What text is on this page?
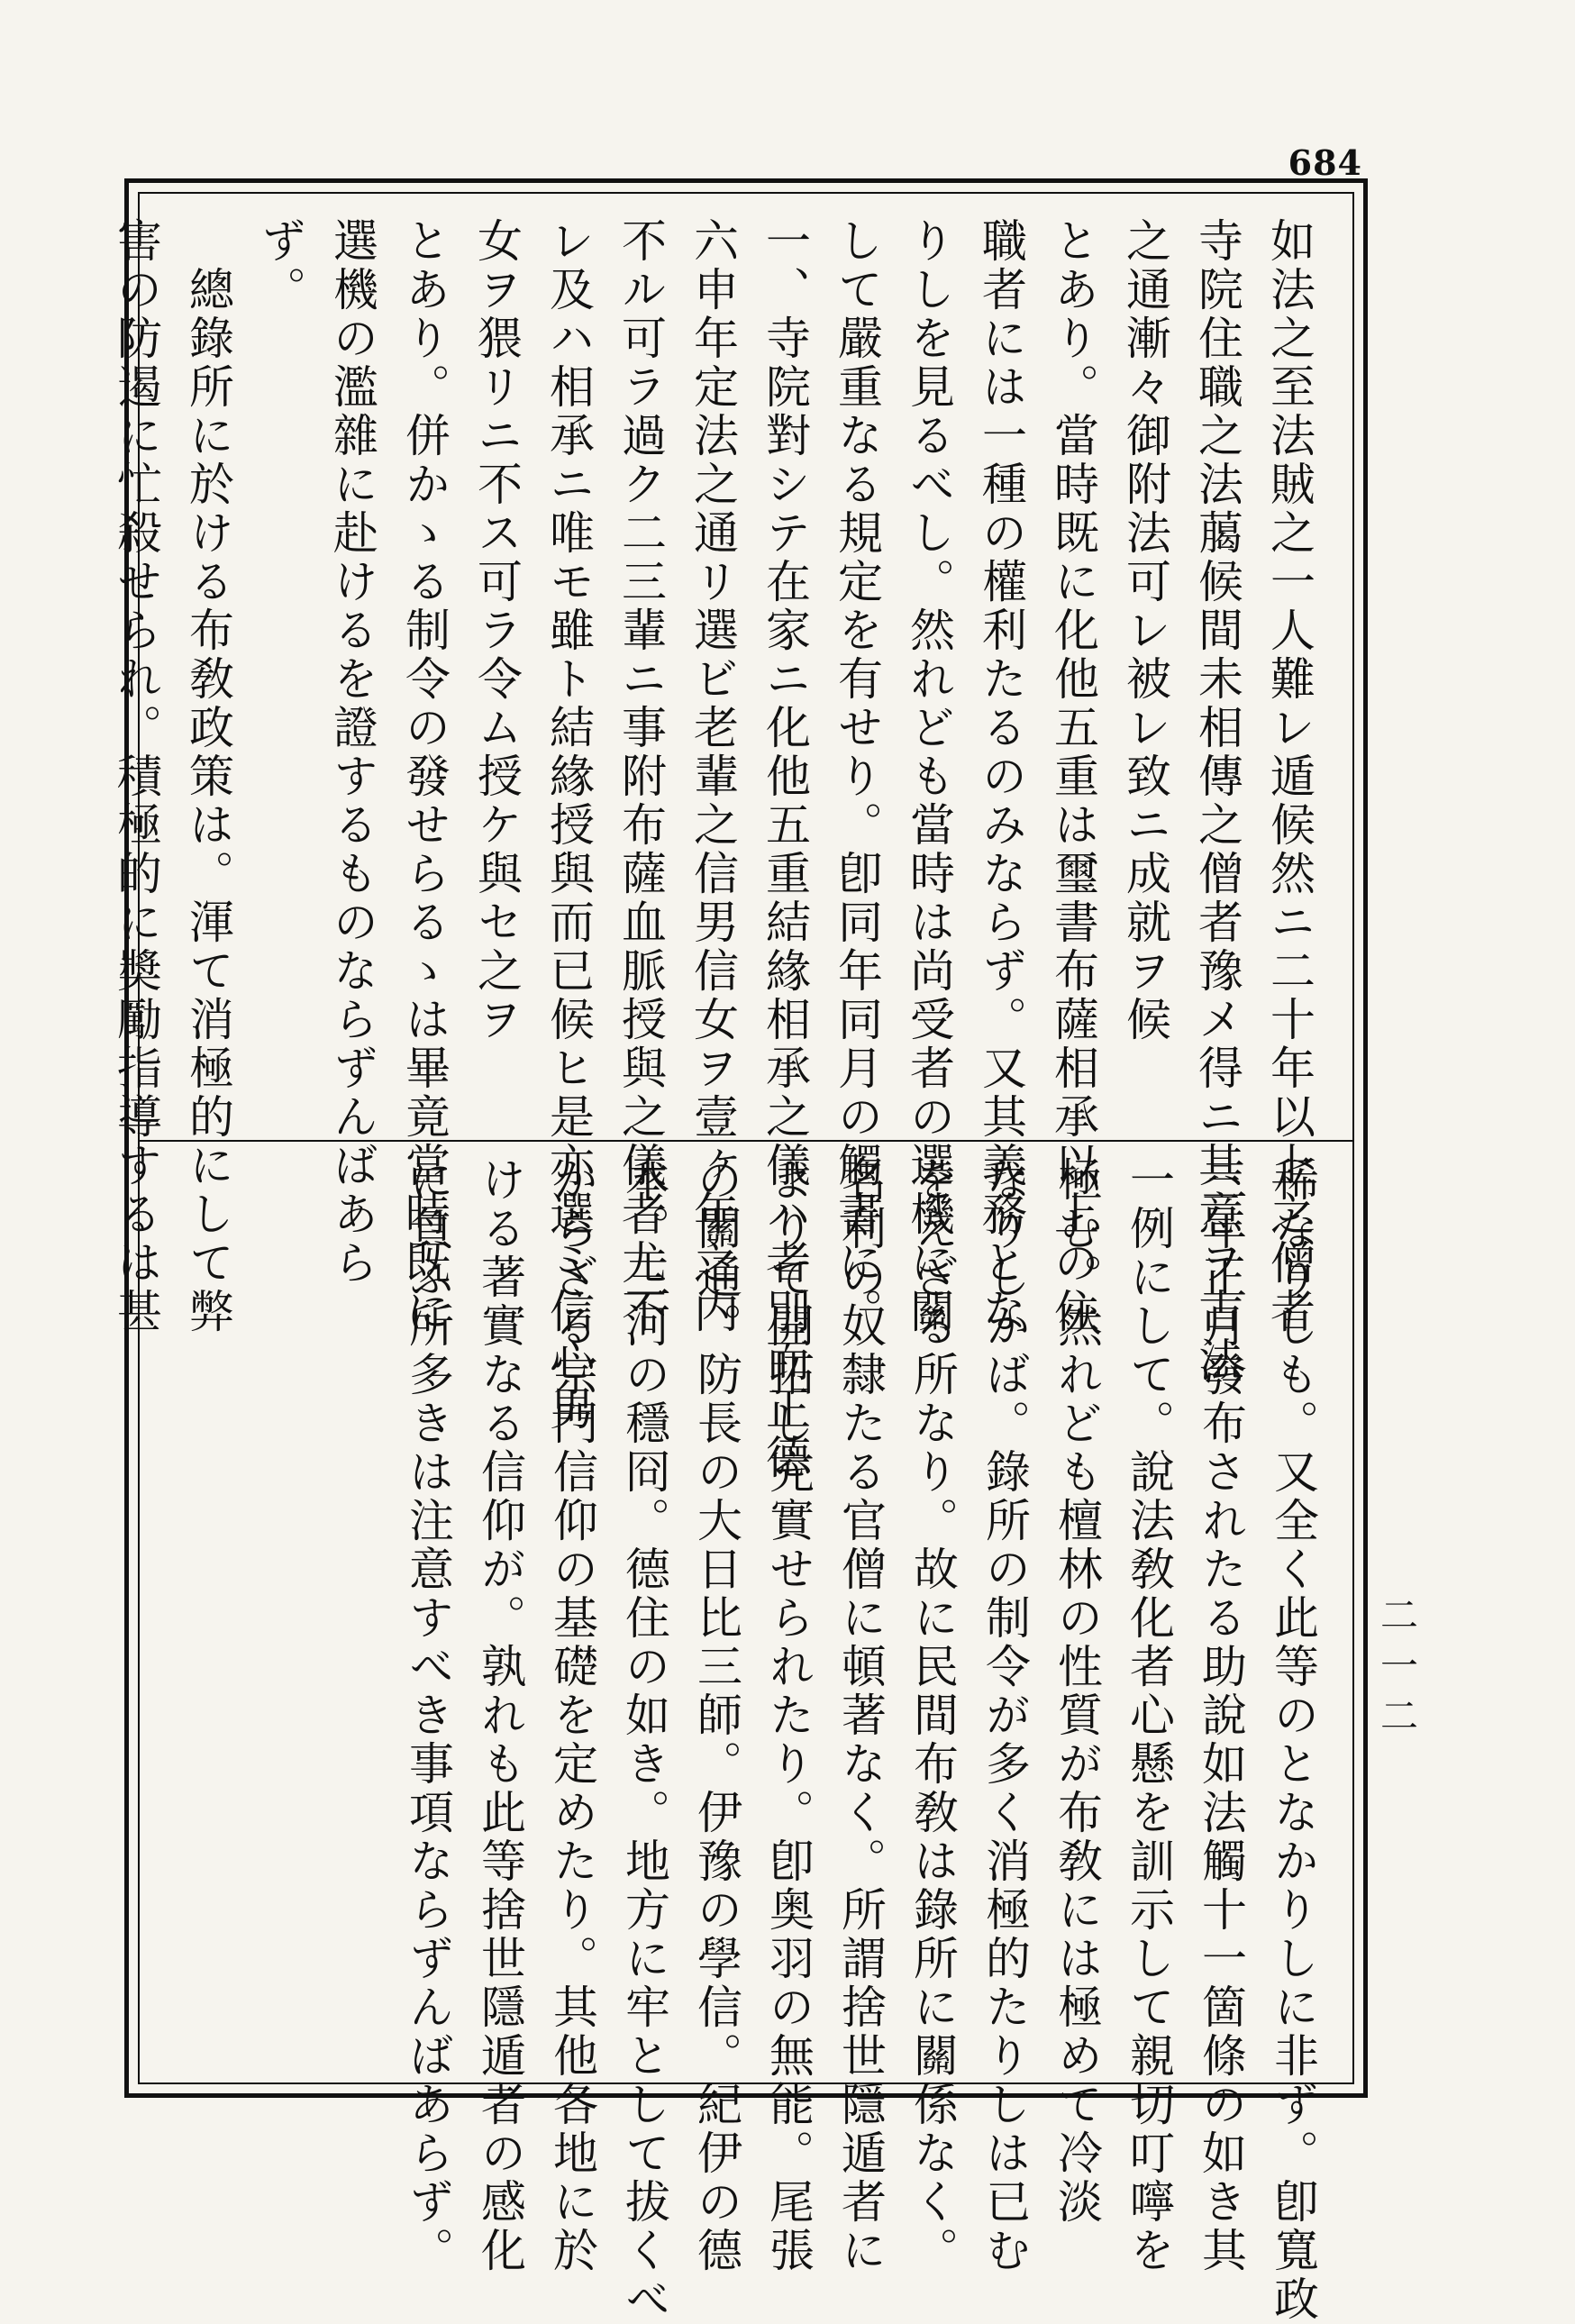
684
如法之至法賊之一人難レ遁候然ニ二十年以上之僧者
寺院住職之法﨟候間未相傳之僧者豫メ得ニ其意ヲ古法
之通漸々御附法可レ被レ致ニ成就ヲ候
とあり。當時既に化他五重は璽書布薩相承以上の住
職者には一種の權利たるのみならず。又其義務とな
りしを見るべし。然れども當時は尚受者の選機に關
して嚴重なる規定を有せり。卽同年同月の觸書に。
一、寺院對シテ在家ニ化他五重結緣相承之儀ハ者別而正德
六申年定法之通リ選ビ老輩之信男信女ヲ壹ヶ年之内
不ル可ラ過ク二三輩ニ事附布薩血脈授與之儀者尤不
レ及ハ相承ニ唯モ雖ト結緣授與而已候ヒ是亦選ミ信心男
女ヲ猥リニ不ス可ラ令ム授ケ與セ之ヲ
とあり。併かゝる制令の發せらるゝは畢竟當時既に
選機の濫雜に赴けるを證するものならずんばあら
ず。
總錄所に於ける布敎政策は。渾て消極的にして弊
害の防遏に忙殺せられ。積極的に奬勵指導するは甚
稀なりしも。又全く此等のとなかりしに非ず。卽寬政
三年正月發布されたる助說如法觸十一箇條の如き其
一例にして。說法敎化者心懸を訓示して親切叮嚀を
極む。然れども檀林の性質が布敎には極めて冷淡
なりしかば。錄所の制令が多く消極的たりしは已む
をえざる所なり。故に民間布敎は錄所に關係なく。
名利の奴隸たる官僧に頓著なく。所謂捨世隱遁者に
よりて開拓し充實せられたり。卽奥羽の無能。尾張
の關通。防長の大日比三師。伊豫の學信。紀伊の德
本。三河の穩冏。德住の如き。地方に牢として拔くべ
からざる宗門信仰の基礎を定めたり。其他各地に於
ける著實なる信仰が。孰れも此等捨世隱遁者の感化
に負ふ所多きは注意すべき事項ならずんばあらず。	二一二
